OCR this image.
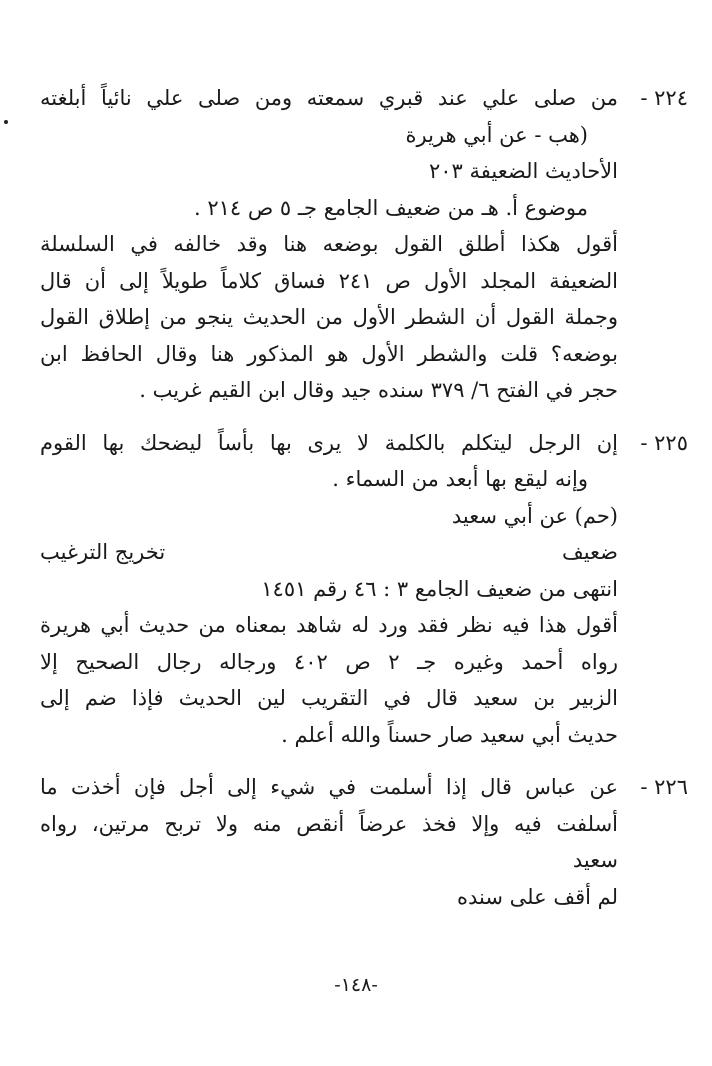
٢٢٤ -
من صلى علي عند قبري سمعته ومن صلى علي نائياً أبلغته
(هب - عن أبي هريرة
الأحاديث الضعيفة ٢٠٣
موضوع أ. هـ من ضعيف الجامع جـ ٥ ص ٢١٤ .
أقول هكذا أطلق القول بوضعه هنا وقد خالفه في السلسلة
الضعيفة المجلد الأول ص ٢٤١ فساق كلاماً طويلاً إلى أن قال
وجملة القول أن الشطر الأول من الحديث ينجو من إطلاق القول
بوضعه؟ قلت والشطر الأول هو المذكور هنا وقال الحافظ ابن
حجر في الفتح ٦/ ٣٧٩ سنده جيد وقال ابن القيم غريب .
٢٢٥ -
إن الرجل ليتكلم بالكلمة لا يرى بها بأساً ليضحك بها القوم
وإنه ليقع بها أبعد من السماء .
(حم) عن أبي سعيد
ضعيف
تخريج الترغيب
انتهى من ضعيف الجامع ٣ : ٤٦ رقم ١٤٥١
أقول هذا فيه نظر فقد ورد له شاهد بمعناه من حديث أبي هريرة
رواه أحمد وغيره جـ ٢ ص ٤٠٢ ورجاله رجال الصحيح إلا
الزبير بن سعيد قال في التقريب لين الحديث فإذا ضم إلى
حديث أبي سعيد صار حسناً والله أعلم .
٢٢٦ -
عن عباس قال إذا أسلمت في شيء إلى أجل فإن أخذت ما
أسلفت فيه وإلا فخذ عرضاً أنقص منه ولا تربح مرتين، رواه
سعيد
لم أقف على سنده
-١٤٨-
